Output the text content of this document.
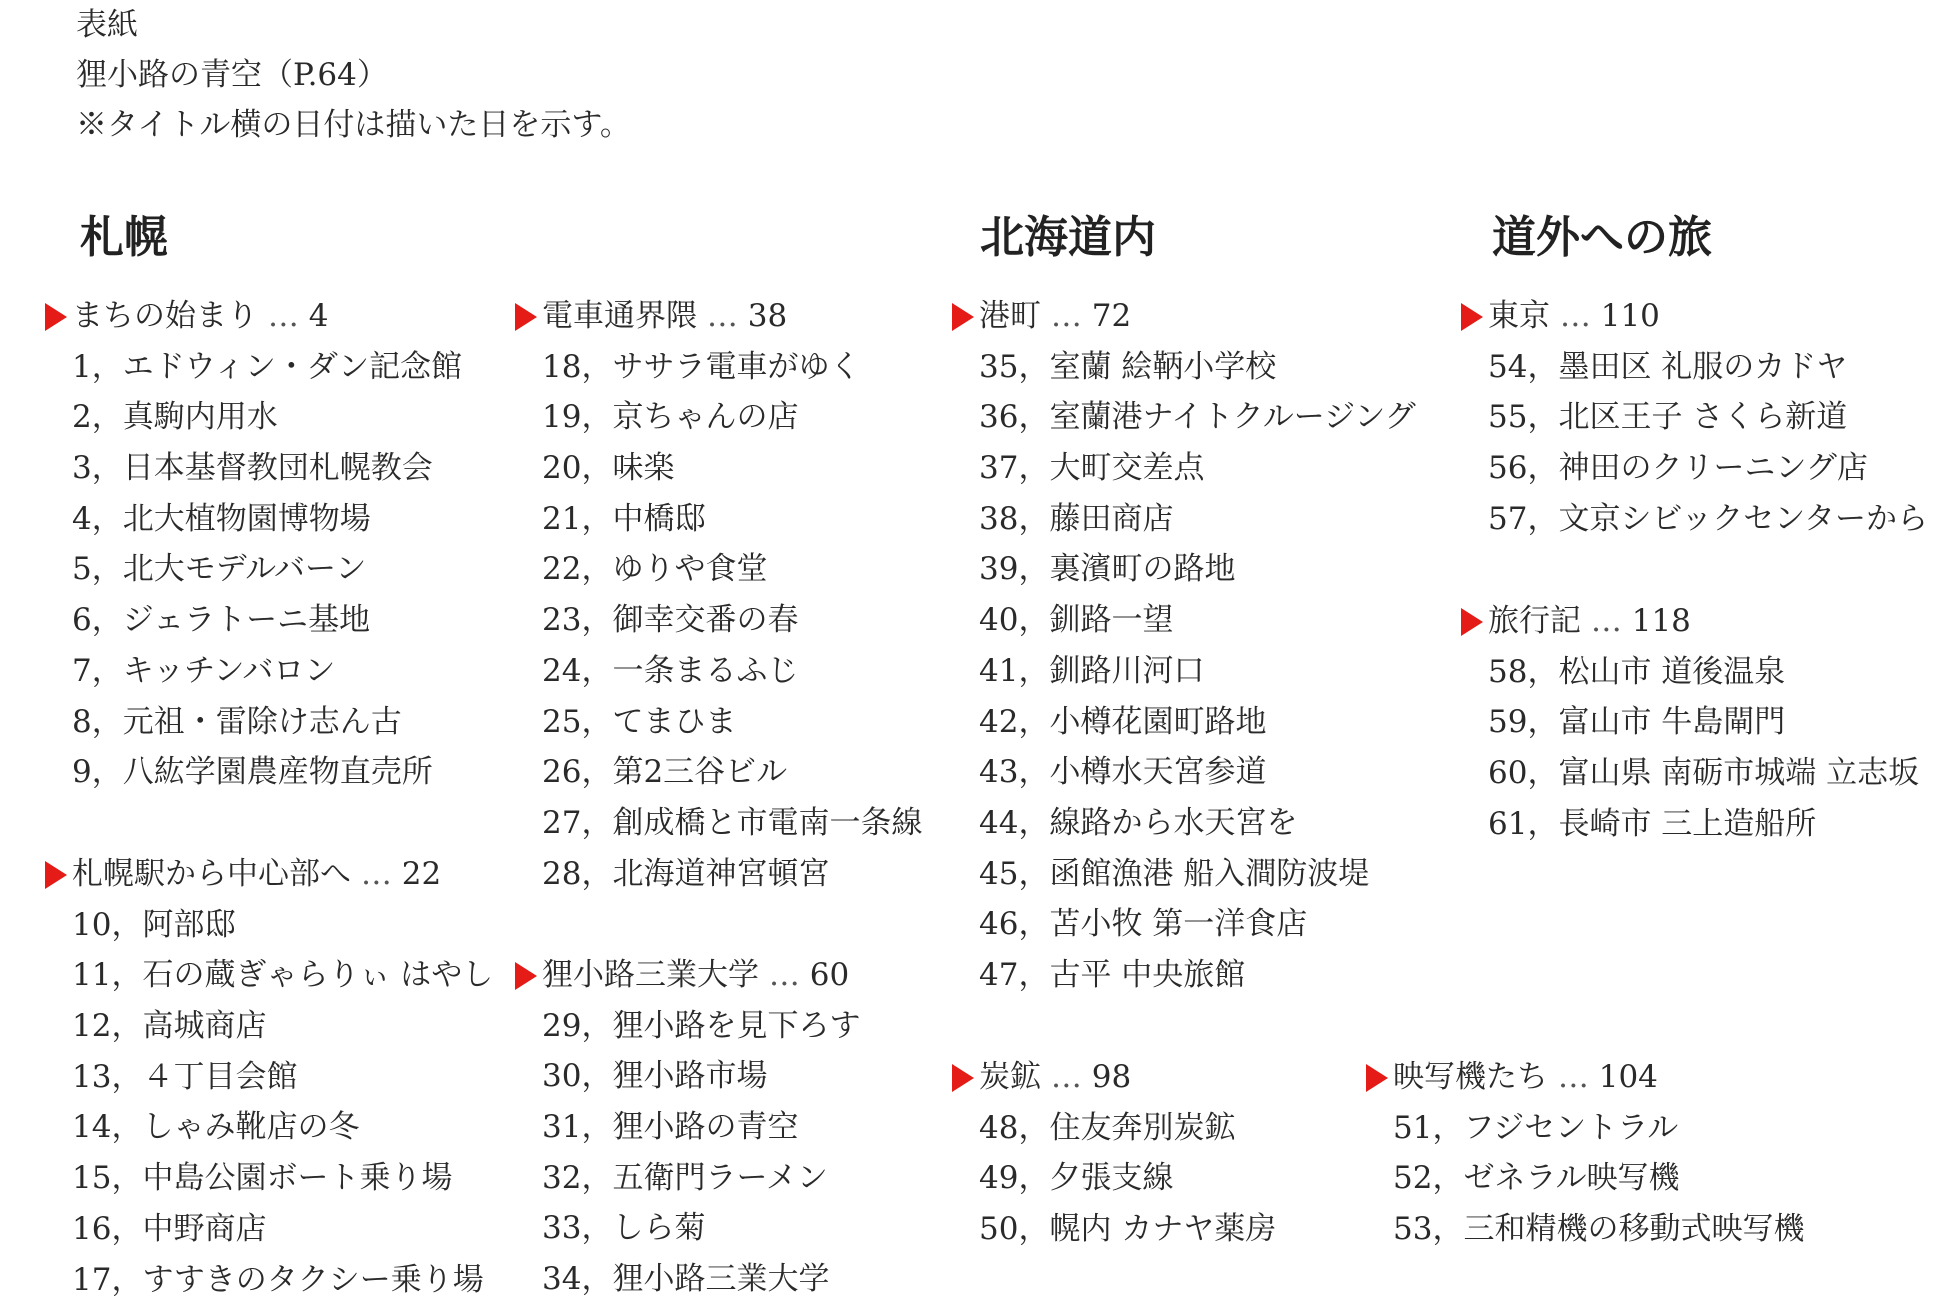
表紙
狸小路の青空（P.64）
※タイトル横の日付は描いた日を示す。
札幌	北海道内	道外への旅
まちの始まり … 4
1，エドウィン・ダン記念館
2，真駒内用水
3，日本基督教団札幌教会
4，北大植物園博物場
5，北大モデルバーン
6，ジェラトーニ基地
7，キッチンバロン
8，元祖・雷除け志ん古
9，八紘学園農産物直売所
札幌駅から中心部へ … 22
10，阿部邸
11，石の蔵ぎゃらりぃ はやし
12，高城商店
13，４丁目会館
14，しゃみ靴店の冬
15，中島公園ボート乗り場
16，中野商店
17，すすきのタクシー乗り場
電車通界隈 … 38
18，ササラ電車がゆく
19，京ちゃんの店
20，味楽
21，中橋邸
22，ゆりや食堂
23，御幸交番の春
24，一条まるふじ
25，てまひま
26，第2三谷ビル
27，創成橋と市電南一条線
28，北海道神宮頓宮
狸小路三業大学 … 60
29，狸小路を見下ろす
30，狸小路市場
31，狸小路の青空
32，五衛門ラーメン
33，しら菊
34，狸小路三業大学
港町 … 72
35，室蘭 絵鞆小学校
36，室蘭港ナイトクルージング
37，大町交差点
38，藤田商店
39，裏濱町の路地
40，釧路一望
41，釧路川河口
42，小樽花園町路地
43，小樽水天宮参道
44，線路から水天宮を
45，函館漁港 船入澗防波堤
46，苫小牧 第一洋食店
47，古平 中央旅館
炭鉱 … 98
48，住友奔別炭鉱
49，夕張支線
50，幌内 カナヤ薬房
映写機たち … 104
51，フジセントラル
52，ゼネラル映写機
53，三和精機の移動式映写機
東京 … 110
54，墨田区 礼服のカドヤ
55，北区王子 さくら新道
56，神田のクリーニング店
57，文京シビックセンターから
旅行記 … 118
58，松山市 道後温泉
59，富山市 牛島閘門
60，富山県 南砺市城端 立志坂
61，長崎市 三上造船所
